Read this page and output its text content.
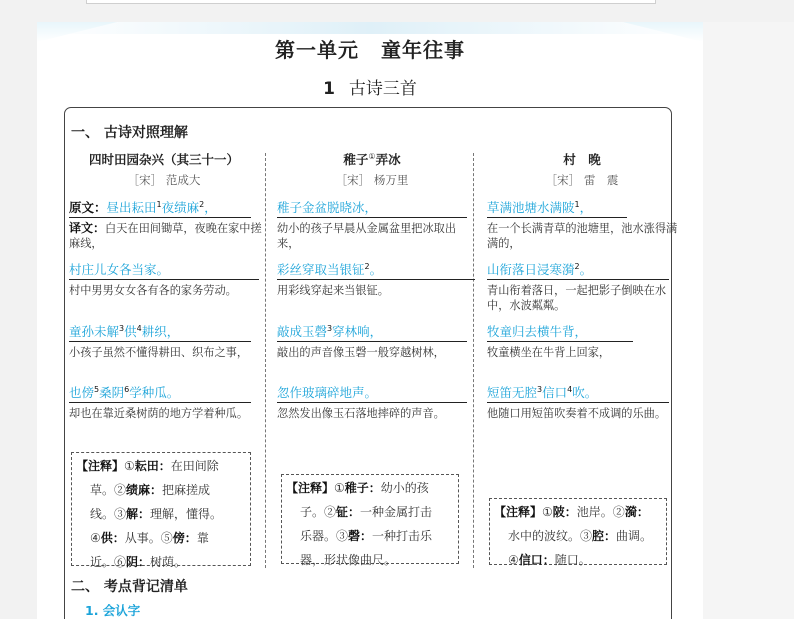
第一单元 童年往事
1 古诗三首
一、 古诗对照理解
四时田园杂兴（其三十一）
［宋］ 范成大
原文：昼出耘田$^1$夜绩麻$^2$，
译文：白天在田间锄草，夜晚在家中搓麻线，
村庄儿女各当家。
村中男男女女各有各的家务劳动。
童孙未解$^3$供$^4$耕织，
小孩子虽然不懂得耕田、织布之事，
也傍$^5$桑阴$^6$学种瓜。
却也在靠近桑树荫的地方学着种瓜。
【注释】①耘田：在田间除
草。②绩麻：把麻搓成
线。③解：理解，懂得。
④供：从事。⑤傍：靠
近。⑥阴：树荫。
稚子①弄冰
［宋］ 杨万里
稚子金盆脱晓冰，
幼小的孩子早晨从金属盆里把冰取出来，
彩丝穿取当银钲$^2$。
用彩线穿起来当银钲。
敲成玉磬$^3$穿林响，
敲出的声音像玉磬一般穿越树林，
忽作玻璃碎地声。
忽然发出像玉石落地摔碎的声音。
【注释】①稚子：幼小的孩
子。②钲：一种金属打击
乐器。③磬：一种打击乐
器，形状像曲尺。
村　晚
［宋］ 雷　震
草满池塘水满陂$^1$，
在一个长满青草的池塘里，池水涨得满满的，
山衔落日浸寒漪$^2$。
青山衔着落日，一起把影子倒映在水中，水波粼粼。
牧童归去横牛背，
牧童横坐在牛背上回家，
短笛无腔$^3$信口$^4$吹。
他随口用短笛吹奏着不成调的乐曲。
【注释】①陂：池岸。②漪：
水中的波纹。③腔：曲调。
④信口：随口。
二、 考点背记清单
1. 会认字
